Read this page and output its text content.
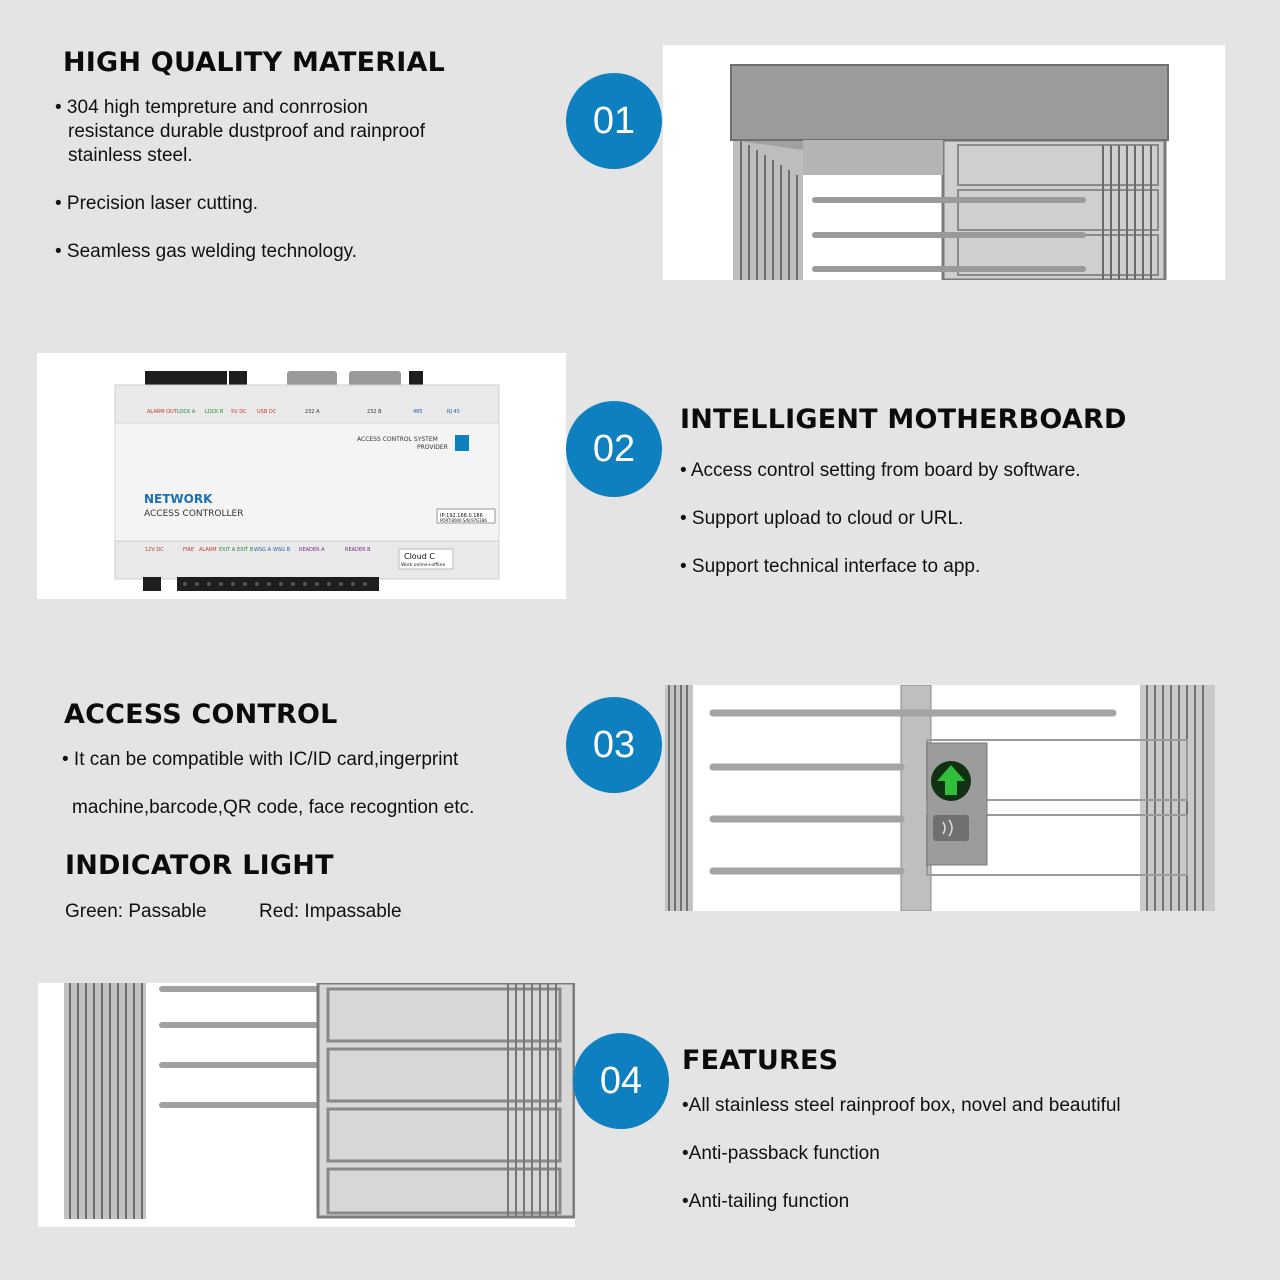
HIGH QUALITY MATERIAL

• 304 high tempreture and conrrosion

resistance durable dustproof and rainproof

stainless steel.

• Precision laser cutting.

• Seamless gas welding technology.

01
ALARM OUT LOCK A LOCK B 5V DC USB DC	232 A	232 B	485	RJ 45
ACCESS CONTROL SYSTEM
PROVIDER
NETWORK
ACCESS CONTROLLER	IP:192.168.0.186
PORT:8000 S/N:97G186
12V DC	FIRE ALARM EXIT A EXIT B WSG A WSG B READER A	READER B
Cloud C
Work online+offline
02
INTELLIGENT MOTHERBOARD

• Access control setting from board by software.

• Support upload to cloud or URL.

• Support technical interface to app.

ACCESS CONTROL

• It can be compatible with IC/ID card,ingerprint

machine,barcode,QR code, face recogntion etc.

INDICATOR LIGHT

Green: Passable	Red: Impassable

03
04	FEATURES

•All stainless steel rainproof box, novel and beautiful

•Anti-passback function

•Anti-tailing function
